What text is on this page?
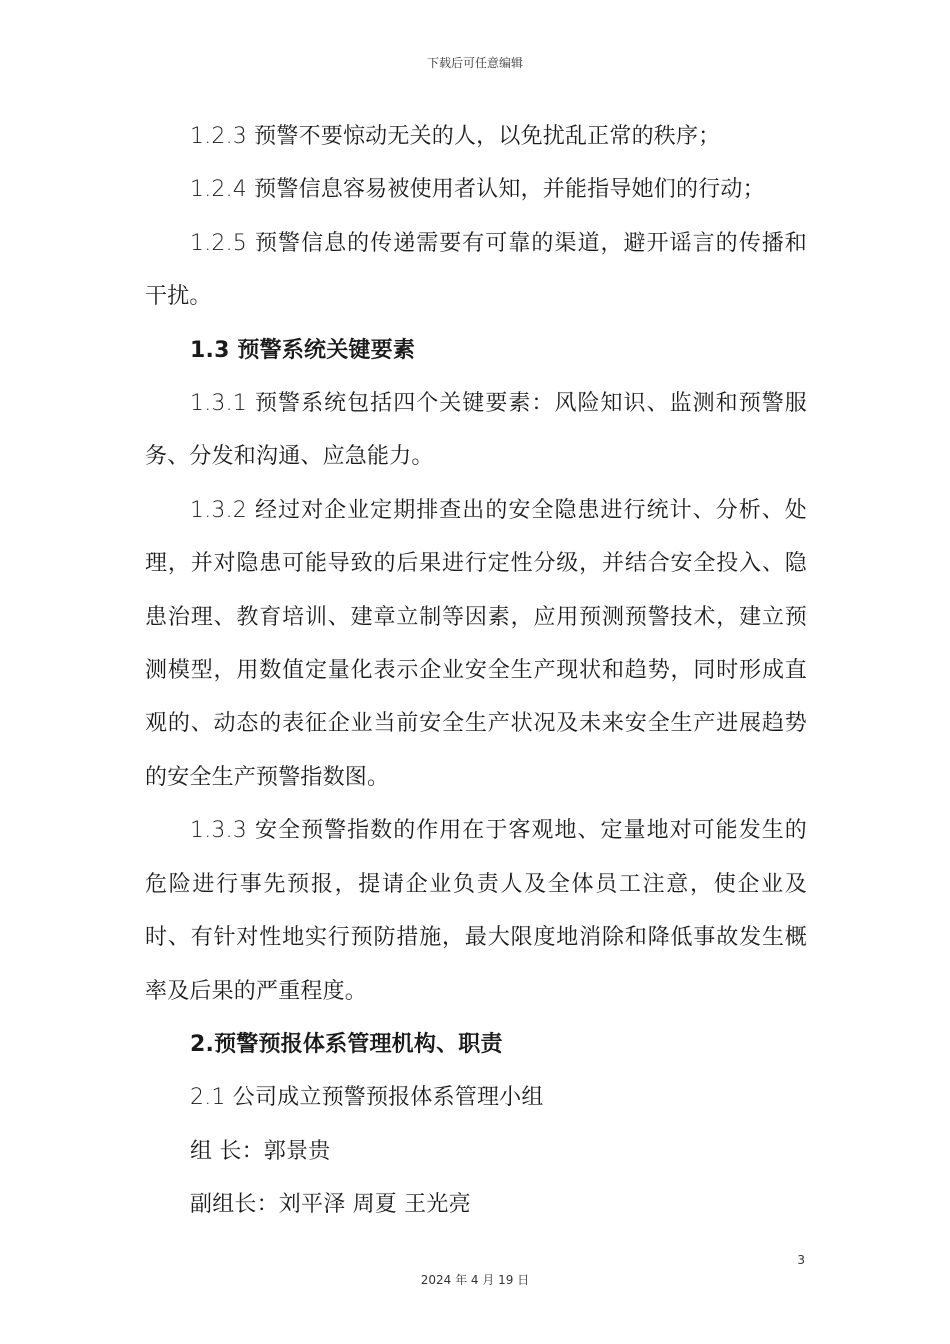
下载后可任意编辑

1.2.3 预警不要惊动无关的人，以免扰乱正常的秩序；

1.2.4 预警信息容易被使用者认知，并能指导她们的行动；

1.2.5 预警信息的传递需要有可靠的渠道，避开谣言的传播和干扰。

1.3 预警系统关键要素

1.3.1 预警系统包括四个关键要素：风险知识、监测和预警服务、分发和沟通、应急能力。

1.3.2 经过对企业定期排查出的安全隐患进行统计、分析、处理，并对隐患可能导致的后果进行定性分级，并结合安全投入、隐患治理、教育培训、建章立制等因素，应用预测预警技术，建立预测模型，用数值定量化表示企业安全生产现状和趋势，同时形成直观的、动态的表征企业当前安全生产状况及未来安全生产进展趋势的安全生产预警指数图。

1.3.3 安全预警指数的作用在于客观地、定量地对可能发生的危险进行事先预报，提请企业负责人及全体员工注意，使企业及时、有针对性地实行预防措施，最大限度地消除和降低事故发生概率及后果的严重程度。

2.预警预报体系管理机构、职责

2.1 公司成立预警预报体系管理小组

组 长：郭景贵

副组长：刘平泽 周夏 王光亮

3
2024 年 4 月 19 日
